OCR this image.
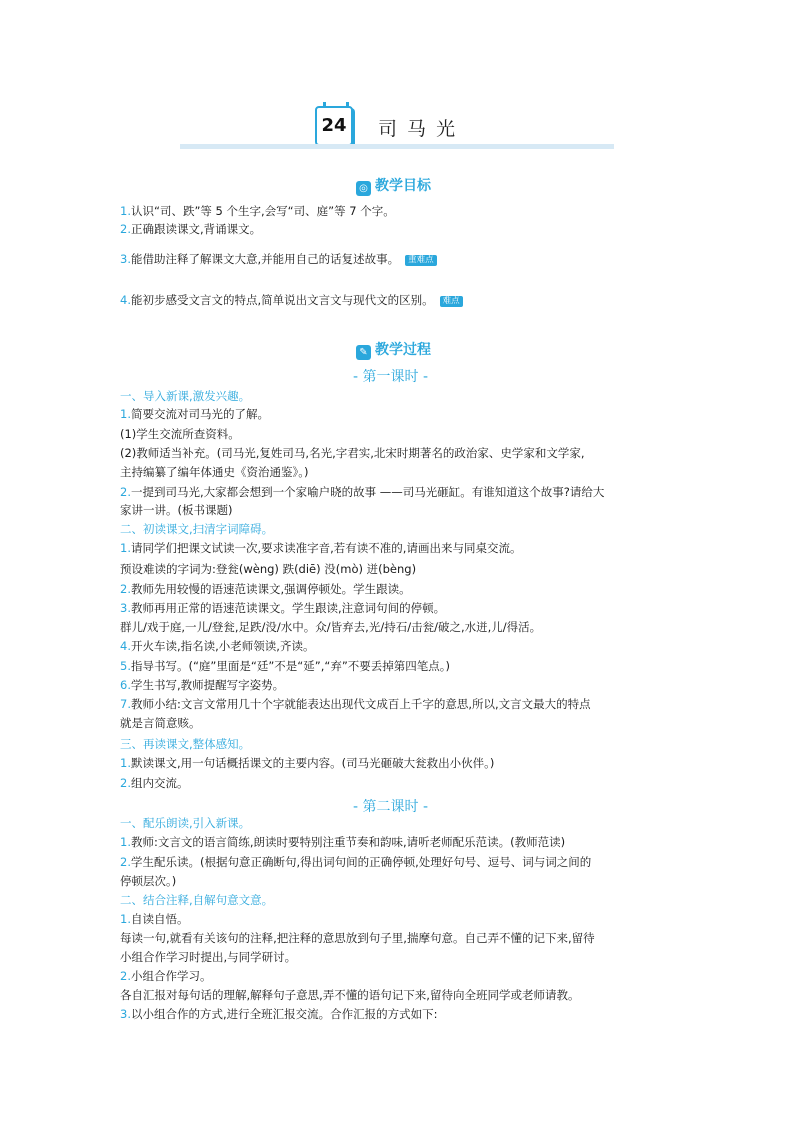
24 司 马 光
◎ 教学目标
1.认识“司、跌”等 5 个生字,会写“司、庭”等 7 个字。
2.正确跟读课文,背诵课文。
3.能借助注释了解课文大意,并能用自己的话复述故事。 重难点
4.能初步感受文言文的特点,简单说出文言文与现代文的区别。 难点
✎ 教学过程
- 第一课时 -
一、导入新课,激发兴趣。
1.简要交流对司马光的了解。
(1)学生交流所查资料。
(2)教师适当补充。(司马光,复姓司马,名光,字君实,北宋时期著名的政治家、史学家和文学家,
主持编纂了编年体通史《资治通鉴》。)
2.一提到司马光,大家都会想到一个家喻户晓的故事 ——司马光砸缸。有谁知道这个故事?请给大
家讲一讲。(板书课题)
二、初读课文,扫清字词障碍。
1.请同学们把课文试读一次,要求读准字音,若有读不准的,请画出来与同桌交流。
预设难读的字词为:登瓮(wèng) 跌(diē) 没(mò) 迸(bèng)
2.教师先用较慢的语速范读课文,强调停顿处。学生跟读。
3.教师再用正常的语速范读课文。学生跟读,注意词句间的停顿。
群儿/戏于庭,一儿/登瓮,足跌/没/水中。众/皆弃去,光/持石/击瓮/破之,水迸,儿/得活。
4.开火车读,指名读,小老师领读,齐读。
5.指导书写。(“庭”里面是“廷”不是“延”,“弃”不要丢掉第四笔点。)
6.学生书写,教师提醒写字姿势。
7.教师小结:文言文常用几十个字就能表达出现代文成百上千字的意思,所以,文言文最大的特点
就是言简意赅。
三、再读课文,整体感知。
1.默读课文,用一句话概括课文的主要内容。(司马光砸破大瓮救出小伙伴。)
2.组内交流。
- 第二课时 -
一、配乐朗读,引入新课。
1.教师:文言文的语言简练,朗读时要特别注重节奏和韵味,请听老师配乐范读。(教师范读)
2.学生配乐读。(根据句意正确断句,得出词句间的正确停顿,处理好句号、逗号、词与词之间的
停顿层次。)
二、结合注释,自解句意文意。
1.自读自悟。
每读一句,就看有关该句的注释,把注释的意思放到句子里,揣摩句意。自己弄不懂的记下来,留待
小组合作学习时提出,与同学研讨。
2.小组合作学习。
各自汇报对每句话的理解,解释句子意思,弄不懂的语句记下来,留待向全班同学或老师请教。
3.以小组合作的方式,进行全班汇报交流。合作汇报的方式如下:
